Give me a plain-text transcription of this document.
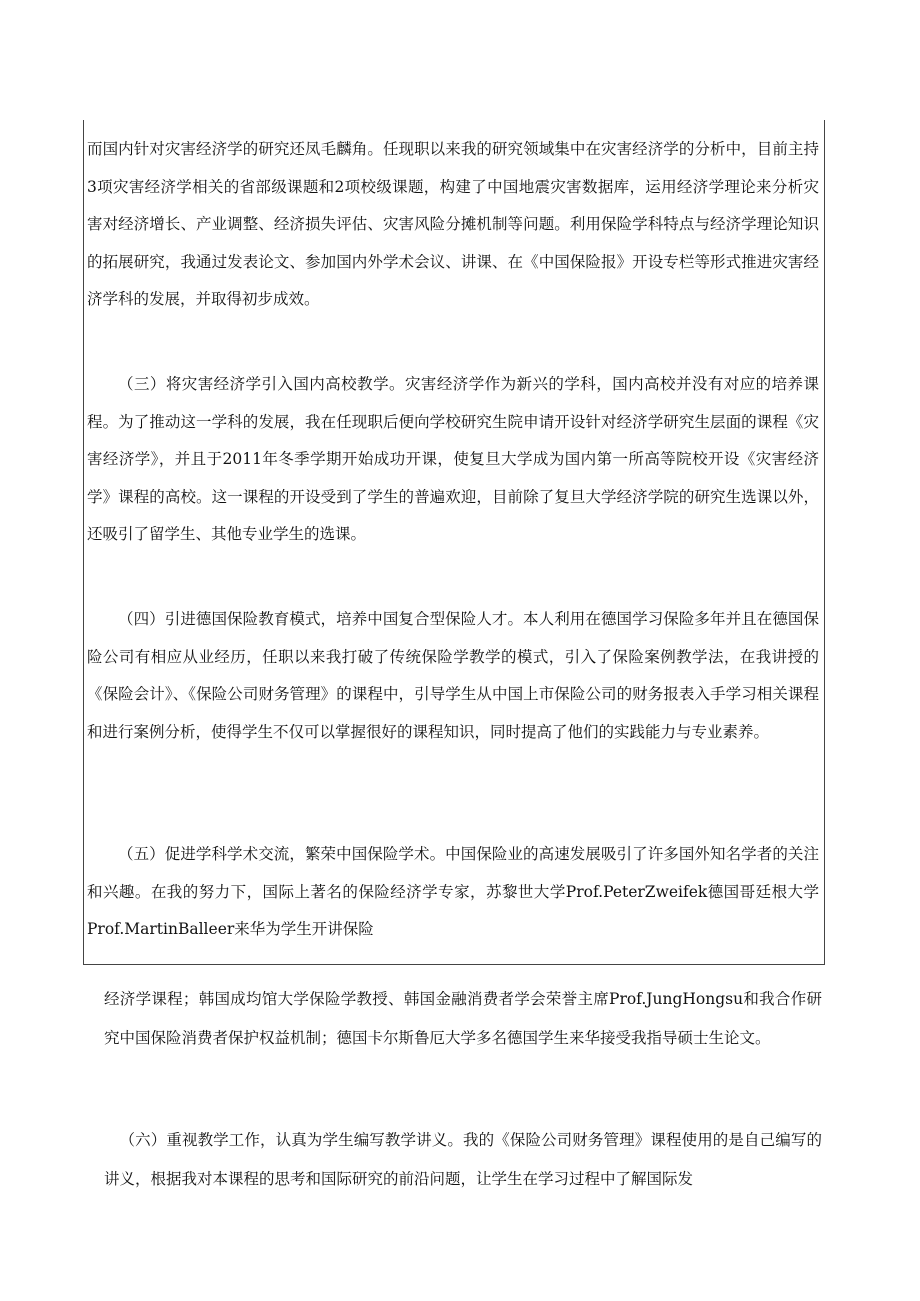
而国内针对灾害经济学的研究还凤毛麟角。任现职以来我的研究领域集中在灾害经济学的分析中，目前主持3项灾害经济学相关的省部级课题和2项校级课题，构建了中国地震灾害数据库，运用经济学理论来分析灾害对经济增长、产业调整、经济损失评估、灾害风险分摊机制等问题。利用保险学科特点与经济学理论知识的拓展研究，我通过发表论文、参加国内外学术会议、讲课、在《中国保险报》开设专栏等形式推进灾害经济学科的发展，并取得初步成效。

（三）将灾害经济学引入国内高校教学。灾害经济学作为新兴的学科，国内高校并没有对应的培养课程。为了推动这一学科的发展，我在任现职后便向学校研究生院申请开设针对经济学研究生层面的课程《灾害经济学》，并且于2011年冬季学期开始成功开课，使复旦大学成为国内第一所高等院校开设《灾害经济学》课程的高校。这一课程的开设受到了学生的普遍欢迎，目前除了复旦大学经济学院的研究生选课以外，还吸引了留学生、其他专业学生的选课。

（四）引进德国保险教育模式，培养中国复合型保险人才。本人利用在德国学习保险多年并且在德国保险公司有相应从业经历，任职以来我打破了传统保险学教学的模式，引入了保险案例教学法，在我讲授的《保险会计》、《保险公司财务管理》的课程中，引导学生从中国上市保险公司的财务报表入手学习相关课程和进行案例分析，使得学生不仅可以掌握很好的课程知识，同时提高了他们的实践能力与专业素养。

（五）促进学科学术交流，繁荣中国保险学术。中国保险业的高速发展吸引了许多国外知名学者的关注和兴趣。在我的努力下，国际上著名的保险经济学专家，苏黎世大学Prof.PeterZweifek德国哥廷根大学Prof.MartinBalleer来华为学生开讲保险

经济学课程；韩国成均馆大学保险学教授、韩国金融消费者学会荣誉主席Prof.JungHongsu和我合作研究中国保险消费者保护权益机制；德国卡尔斯鲁厄大学多名德国学生来华接受我指导硕士生论文。

（六）重视教学工作，认真为学生编写教学讲义。我的《保险公司财务管理》课程使用的是自己编写的讲义，根据我对本课程的思考和国际研究的前沿问题，让学生在学习过程中了解国际发
